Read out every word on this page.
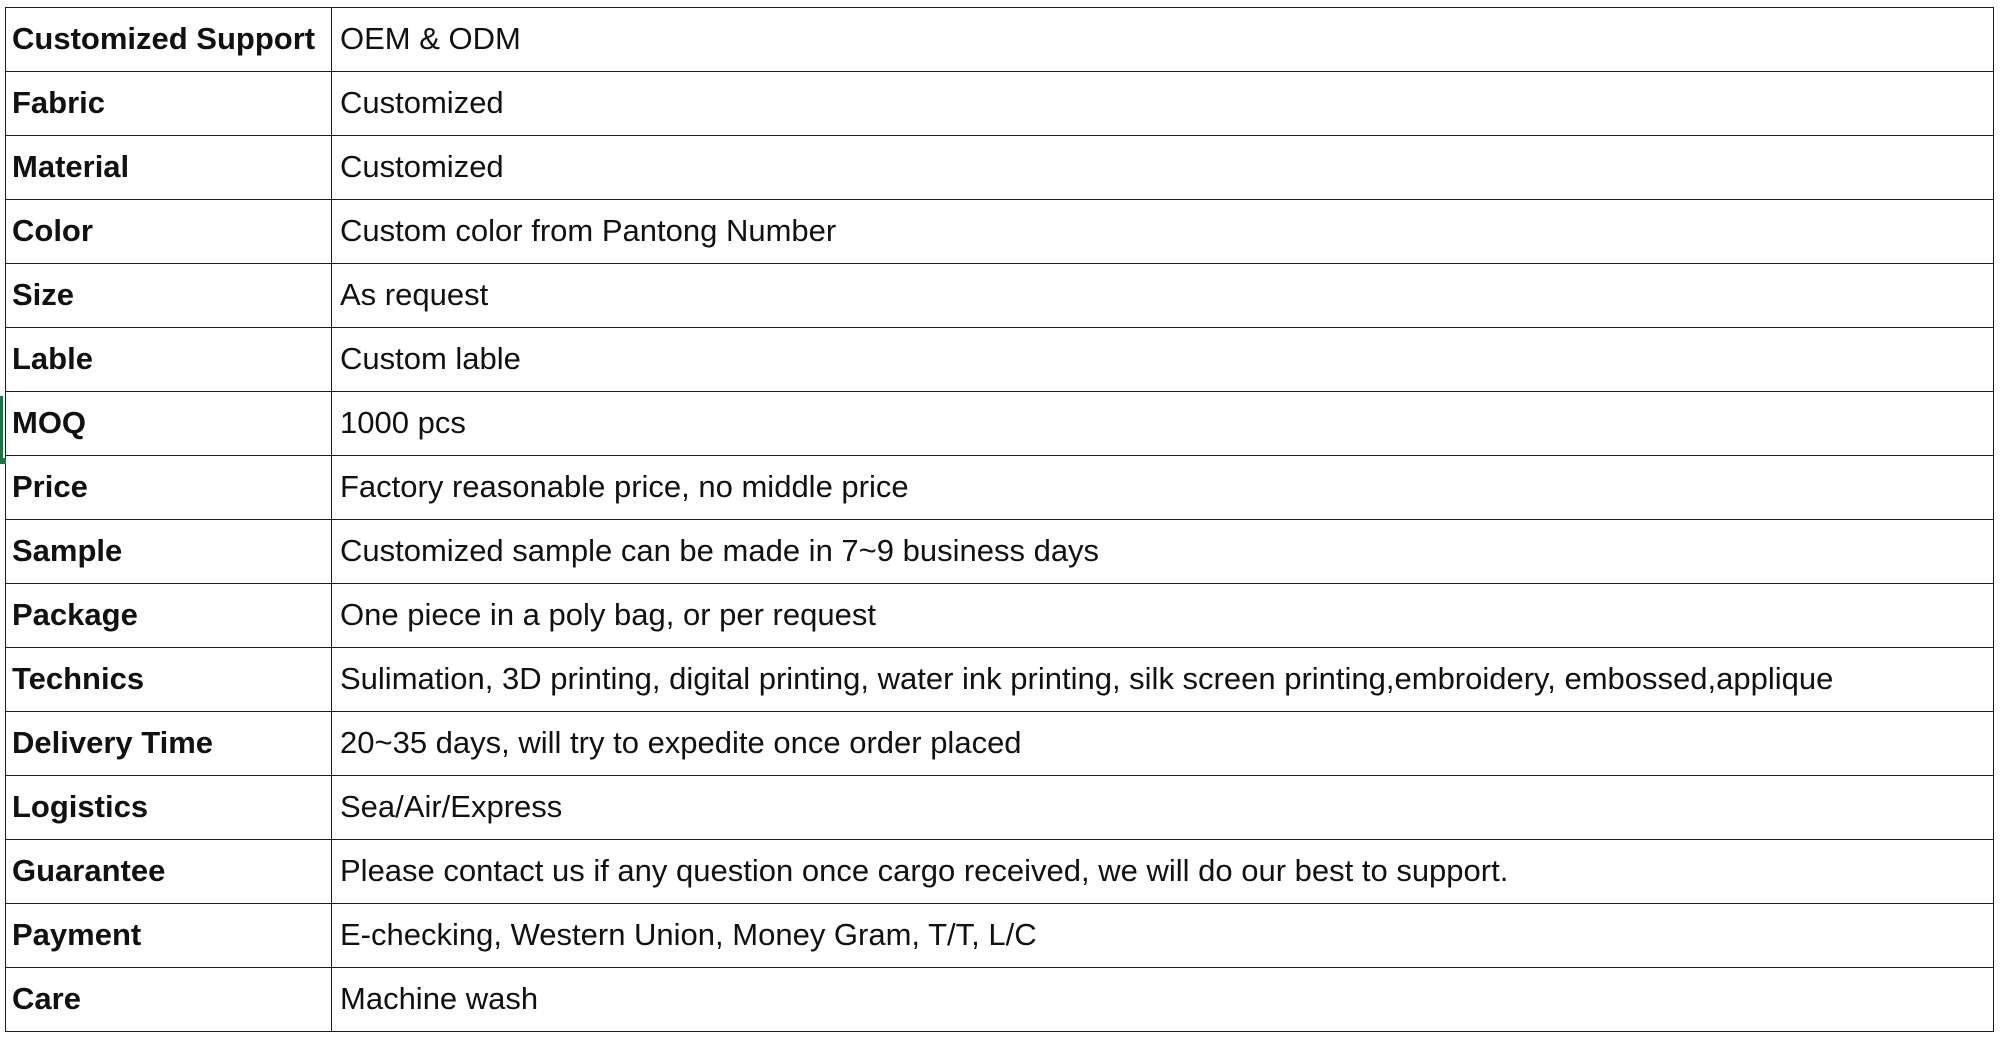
Customized Support	OEM & ODM
Fabric	Customized
Material	Customized
Color	Custom color from Pantong Number
Size	As request
Lable	Custom lable
MOQ	1000 pcs
Price	Factory reasonable price, no middle price
Sample	Customized sample can be made in 7~9 business days
Package	One piece in a poly bag, or per request
Technics	Sulimation, 3D printing, digital printing, water ink printing, silk screen printing,embroidery, embossed,applique
Delivery Time	20~35 days, will try to expedite once order placed
Logistics	Sea/Air/Express
Guarantee	Please contact us if any question once cargo received, we will do our best to support.
Payment	E-checking, Western Union, Money Gram, T/T, L/C
Care	Machine wash
